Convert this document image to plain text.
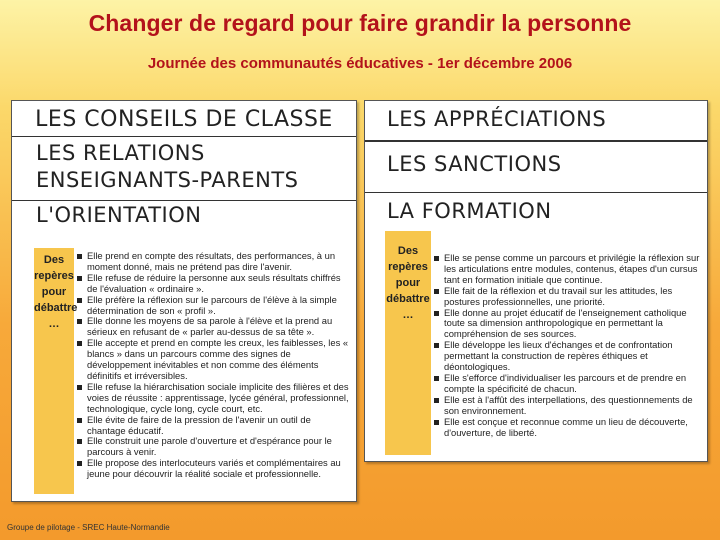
Changer de regard pour faire grandir la personne
Journée des communautés éducatives - 1er décembre 2006
LES CONSEILS DE CLASSE
LES RELATIONS
ENSEIGNANTS-PARENTS
L'ORIENTATION
Des
repères
pour
débattre
…
Elle prend en compte des résultats, des performances, à un moment donné, mais ne prétend pas dire l'avenir.
Elle refuse de réduire la personne aux seuls résultats chiffrés de l'évaluation « ordinaire ».
Elle préfère la réflexion sur le parcours de l'élève à la simple détermination de son « profil ».
Elle donne les moyens de sa parole à l'élève et la prend au sérieux en refusant de « parler au-dessus de sa tête ».
Elle accepte et prend en compte les creux, les faiblesses, les « blancs » dans un parcours comme des signes de développement inévitables et non comme des éléments définitifs et irréversibles.
Elle refuse la hiérarchisation sociale implicite des filières et des voies de réussite : apprentissage, lycée général, professionnel, technologique, cycle long, cycle court, etc.
Elle évite de faire de la pression de l'avenir un outil de chantage éducatif.
Elle construit une parole d'ouverture et d'espérance pour le parcours à venir.
Elle propose des interlocuteurs variés et complémentaires au jeune pour découvrir la réalité sociale et professionnelle.
LES APPRÉCIATIONS
LES SANCTIONS
LA FORMATION
Des
repères
pour
débattre
…
Elle se pense comme un parcours et privilégie la réflexion sur les articulations entre modules, contenus, étapes d'un cursus tant en formation initiale que continue.
Elle fait de la réflexion et du travail sur les attitudes, les postures professionnelles, une priorité.
Elle donne au projet éducatif de l'enseignement catholique toute sa dimension anthropologique en permettant la compréhension de ses sources.
Elle développe les lieux d'échanges et de confrontation permettant la construction de repères éthiques et déontologiques.
Elle s'efforce d'individualiser les parcours et de prendre en compte la spécificité de chacun.
Elle est à l'affût des interpellations, des questionnements de son environnement.
Elle est conçue et reconnue comme un lieu de découverte, d'ouverture, de liberté.
Groupe de pilotage - SREC Haute-Normandie
